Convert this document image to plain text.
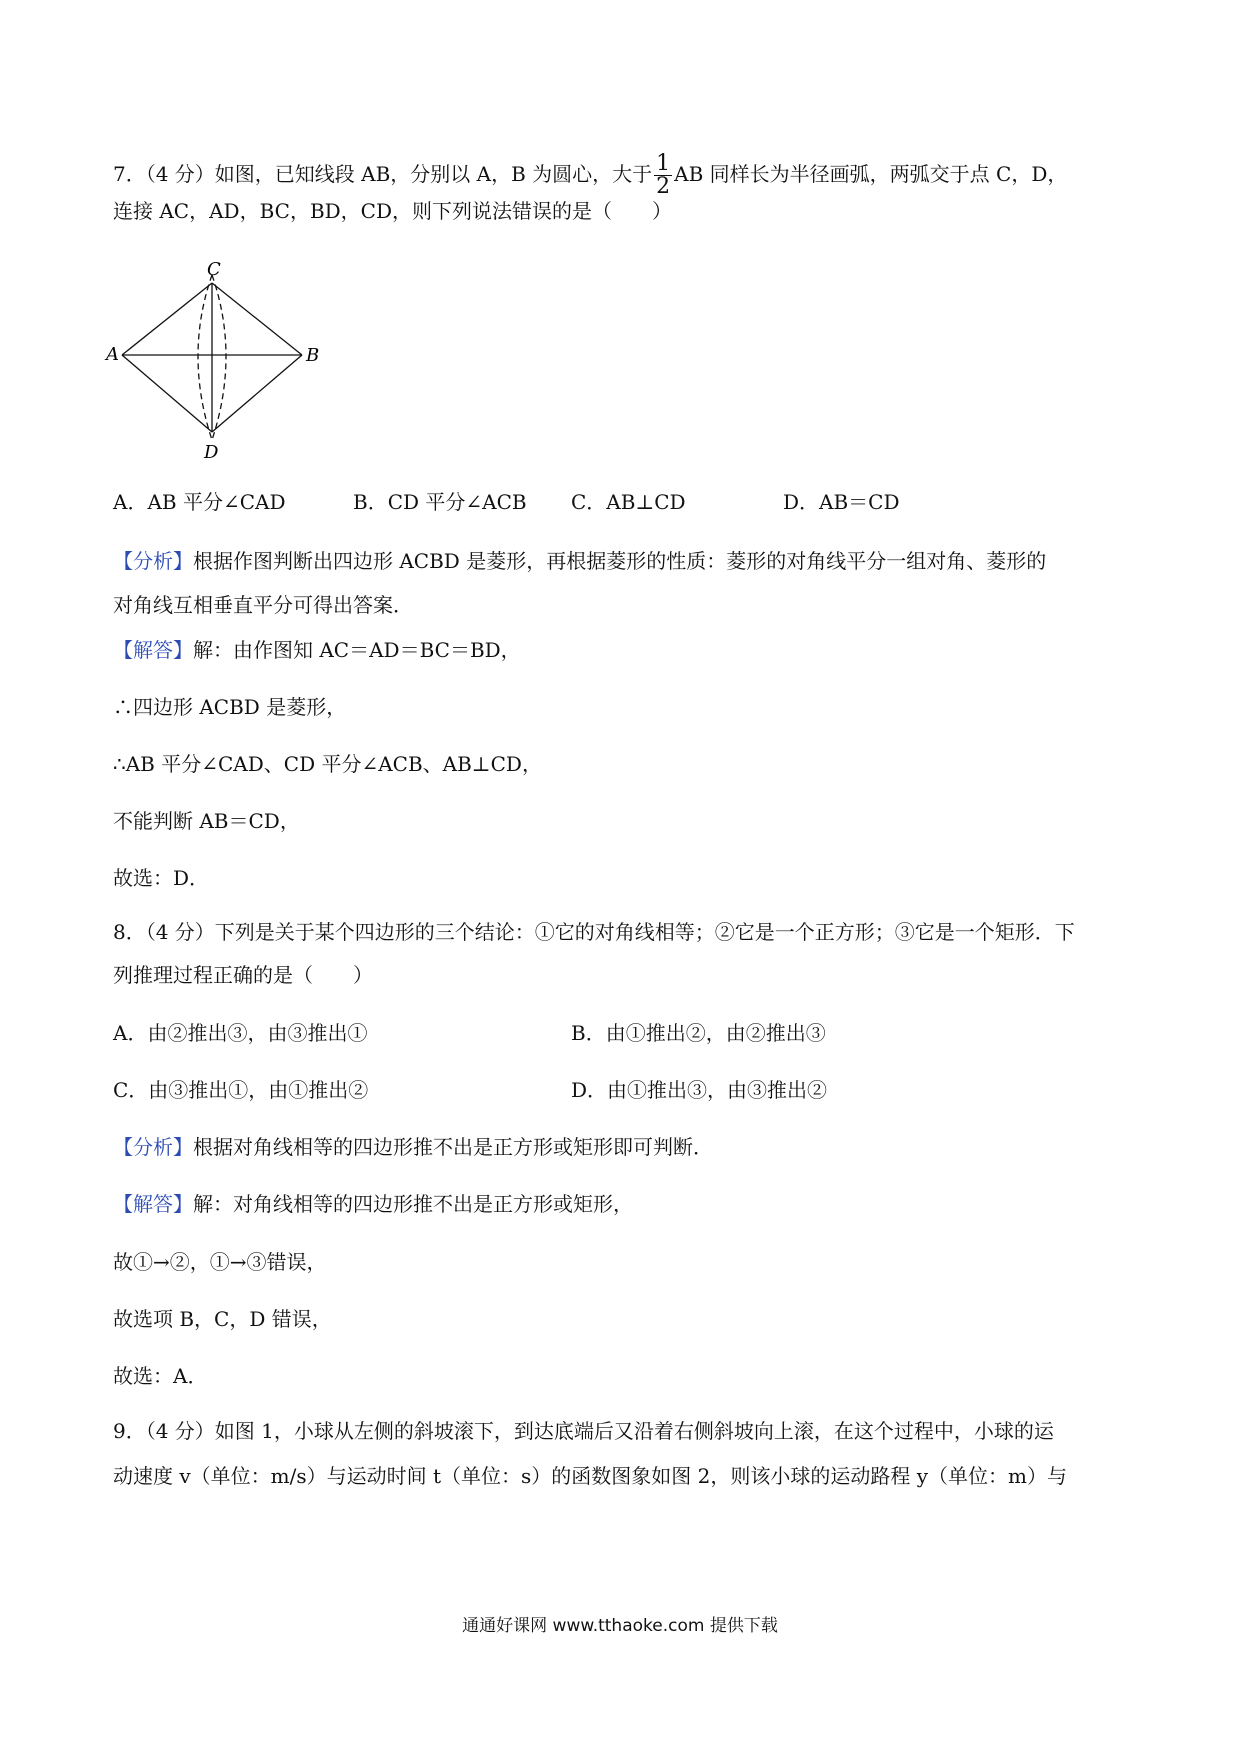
7．（4 分）如图，已知线段 AB，分别以 A，B 为圆心，大于 $\frac{1}{2}$ AB 同样长为半径画弧，两弧交于点 C，D，
连接 AC，AD，BC，BD，CD，则下列说法错误的是（　　）
C
A	B
D
A．AB 平分∠CAD	B．CD 平分∠ACB C．AB⊥CD	D．AB＝CD
【分析】根据作图判断出四边形 ACBD 是菱形，再根据菱形的性质：菱形的对角线平分一组对角、菱形的
对角线互相垂直平分可得出答案．
【解答】解：由作图知 AC＝AD＝BC＝BD，
∴四边形 ACBD 是菱形，
∴AB 平分∠CAD、CD 平分∠ACB、AB⊥CD，
不能判断 AB＝CD，
故选：D．
8．（4 分）下列是关于某个四边形的三个结论：①它的对角线相等；②它是一个正方形；③它是一个矩形．下
列推理过程正确的是（　　）
A．由②推出③，由③推出①	B．由①推出②，由②推出③
C．由③推出①，由①推出②	D．由①推出③，由③推出②
【分析】根据对角线相等的四边形推不出是正方形或矩形即可判断．
【解答】解：对角线相等的四边形推不出是正方形或矩形，
故①→②，①→③错误，
故选项 B，C，D 错误，
故选：A．
9．（4 分）如图 1，小球从左侧的斜坡滚下，到达底端后又沿着右侧斜坡向上滚，在这个过程中，小球的运
动速度 v（单位：m/s）与运动时间 t（单位：s）的函数图象如图 2，则该小球的运动路程 y（单位：m）与
通通好课网 www.tthaoke.com 提供下载
